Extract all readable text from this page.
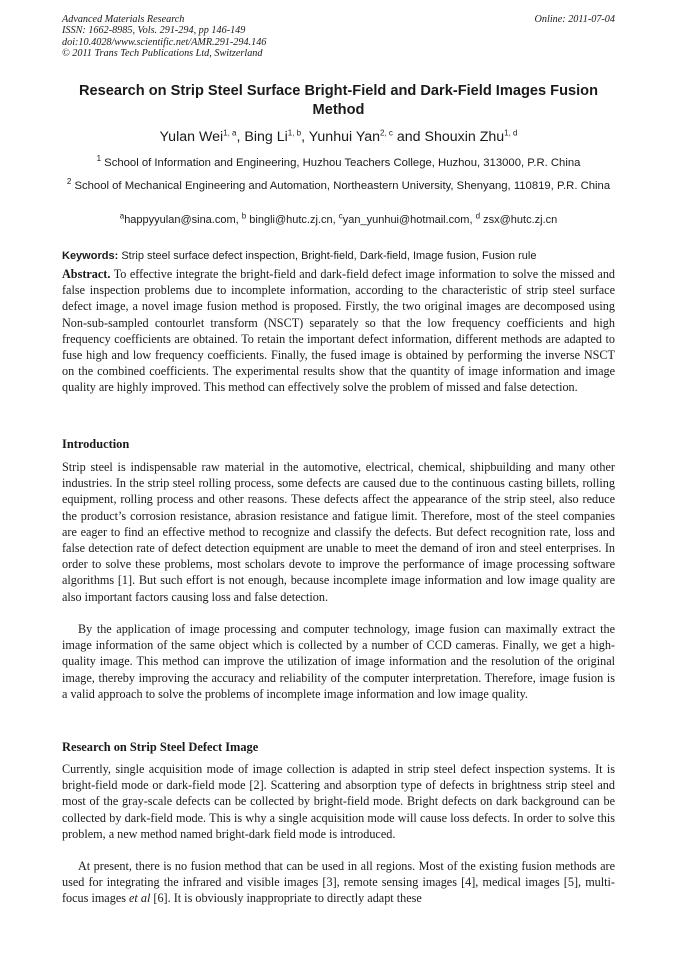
Advanced Materials Research
ISSN: 1662-8985, Vols. 291-294, pp 146-149
doi:10.4028/www.scientific.net/AMR.291-294.146
© 2011 Trans Tech Publications Ltd, Switzerland
Online: 2011-07-04
Research on Strip Steel Surface Bright-Field and Dark-Field Images Fusion Method
Yulan Wei$^{1, a}$, Bing Li$^{1, b}$, Yunhui Yan$^{2, c}$ and Shouxin Zhu$^{1, d}$
$^1$ School of Information and Engineering, Huzhou Teachers College, Huzhou, 313000, P.R. China
$^2$ School of Mechanical Engineering and Automation, Northeastern University, Shenyang, 110819, P.R. China
$^a$happyyulan@sina.com, $^b$ bingli@hutc.zj.cn, $^c$yan_yunhui@hotmail.com, $^d$ zsx@hutc.zj.cn
Keywords: Strip steel surface defect inspection, Bright-field, Dark-field, Image fusion, Fusion rule

Abstract. To effective integrate the bright-field and dark-field defect image information to solve the missed and false inspection problems due to incomplete information, according to the characteristic of strip steel surface defect image, a novel image fusion method is proposed. Firstly, the two original images are decomposed using Non-sub-sampled contourlet transform (NSCT) separately so that the low frequency coefficients and high frequency coefficients are obtained. To retain the important defect information, different methods are adapted to fuse high and low frequency coefficients. Finally, the fused image is obtained by performing the inverse NSCT on the combined coefficients. The experimental results show that the quantity of image information and image quality are highly improved. This method can effectively solve the problem of missed and false detection.

Introduction

Strip steel is indispensable raw material in the automotive, electrical, chemical, shipbuilding and many other industries. In the strip steel rolling process, some defects are caused due to the continuous casting billets, rolling equipment, rolling process and other reasons. These defects affect the appearance of the strip steel, also reduce the product’s corrosion resistance, abrasion resistance and fatigue limit. Therefore, most of the steel companies are eager to find an effective method to recognize and classify the defects. But defect recognition rate, loss and false detection rate of defect detection equipment are unable to meet the demand of iron and steel enterprises. In order to solve these problems, most scholars devote to improve the performance of image processing software algorithms [1]. But such effort is not enough, because incomplete image information and low image quality are also important factors causing loss and false detection.

By the application of image processing and computer technology, image fusion can maximally extract the image information of the same object which is collected by a number of CCD cameras. Finally, we get a high-quality image. This method can improve the utilization of image information and the resolution of the original image, thereby improving the accuracy and reliability of the computer interpretation. Therefore, image fusion is a valid approach to solve the problems of incomplete image information and low image quality.

Research on Strip Steel Defect Image

Currently, single acquisition mode of image collection is adapted in strip steel defect inspection systems. It is bright-field mode or dark-field mode [2]. Scattering and absorption type of defects in brightness strip steel and most of the gray-scale defects can be collected by bright-field mode. Bright defects on dark background can be collected by dark-field mode. This is why a single acquisition mode will cause loss defects. In order to solve this problem, a new method named bright-dark field mode is introduced.

At present, there is no fusion method that can be used in all regions. Most of the existing fusion methods are used for integrating the infrared and visible images [3], remote sensing images [4], medical images [5], multi-focus images et al [6]. It is obviously inappropriate to directly adapt these
